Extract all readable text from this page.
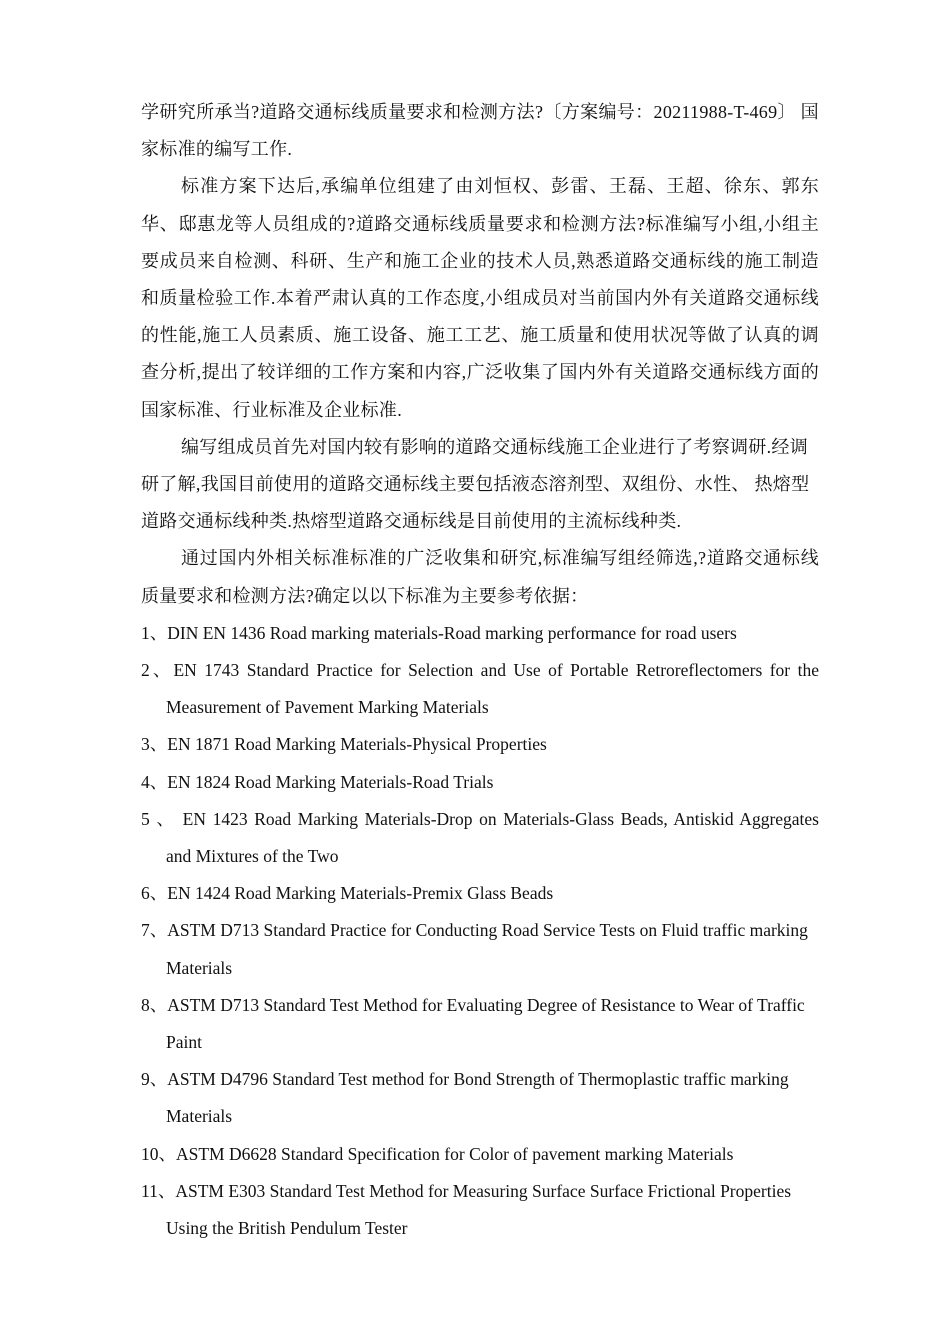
学研究所承当?道路交通标线质量要求和检测方法?〔方案编号：20211988-T-469〕 国家标准的编写工作.

标准方案下达后,承编单位组建了由刘恒权、彭雷、王磊、王超、徐东、郭东华、邸惠龙等人员组成的?道路交通标线质量要求和检测方法?标准编写小组,小组主要成员来自检测、科研、生产和施工企业的技术人员,熟悉道路交通标线的施工制造和质量检验工作.本着严肃认真的工作态度,小组成员对当前国内外有关道路交通标线的性能,施工人员素质、施工设备、施工工艺、施工质量和使用状况等做了认真的调查分析,提出了较详细的工作方案和内容,广泛收集了国内外有关道路交通标线方面的国家标准、行业标准及企业标准.

编写组成员首先对国内较有影响的道路交通标线施工企业进行了考察调研.经调研了解,我国目前使用的道路交通标线主要包括液态溶剂型、双组份、水性、 热熔型道路交通标线种类.热熔型道路交通标线是目前使用的主流标线种类.

通过国内外相关标准标准的广泛收集和研究,标准编写组经筛选,?道路交通标线质量要求和检测方法?确定以以下标准为主要参考依据：

1、DIN EN 1436 Road marking materials-Road marking performance for road users
2、EN 1743 Standard Practice for Selection and Use of Portable Retroreflectomers for the Measurement of Pavement Marking Materials
3、EN 1871 Road Marking Materials-Physical Properties
4、EN 1824 Road Marking Materials-Road Trials
5 、 EN 1423 Road Marking Materials-Drop on Materials-Glass Beads, Antiskid Aggregates and Mixtures of the Two
6、EN 1424 Road Marking Materials-Premix Glass Beads
7、ASTM D713 Standard Practice for Conducting Road Service Tests on Fluid traffic marking Materials
8、ASTM D713 Standard Test Method for Evaluating Degree of Resistance to Wear of Traffic Paint
9、ASTM D4796 Standard Test method for Bond Strength of Thermoplastic traffic marking Materials
10、ASTM D6628 Standard Specification for Color of pavement marking Materials
11、ASTM E303 Standard Test Method for Measuring Surface Surface Frictional Properties Using the British Pendulum Tester
